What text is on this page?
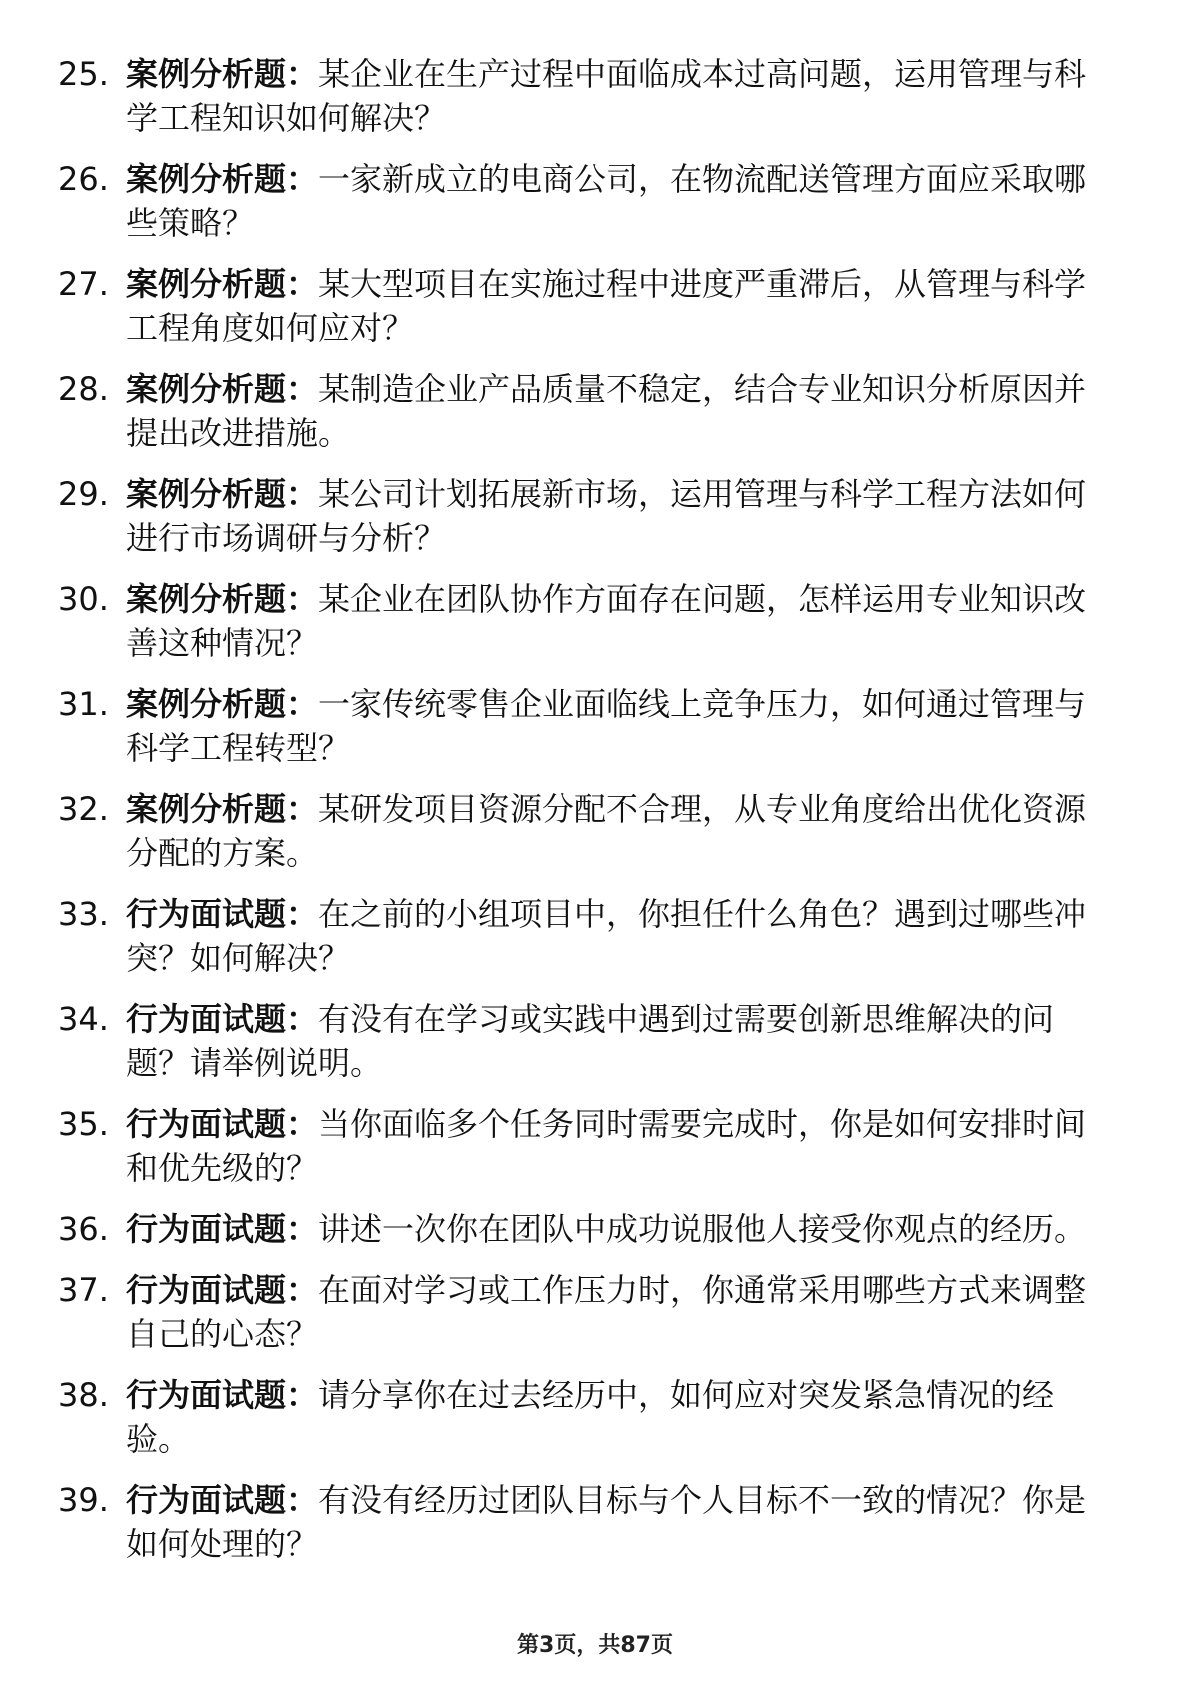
25. 案例分析题：某企业在生产过程中面临成本过高问题，运用管理与科学工程知识如何解决？
26. 案例分析题：一家新成立的电商公司，在物流配送管理方面应采取哪些策略？
27. 案例分析题：某大型项目在实施过程中进度严重滞后，从管理与科学工程角度如何应对？
28. 案例分析题：某制造企业产品质量不稳定，结合专业知识分析原因并提出改进措施。
29. 案例分析题：某公司计划拓展新市场，运用管理与科学工程方法如何进行市场调研与分析？
30. 案例分析题：某企业在团队协作方面存在问题，怎样运用专业知识改善这种情况？
31. 案例分析题：一家传统零售企业面临线上竞争压力，如何通过管理与科学工程转型？
32. 案例分析题：某研发项目资源分配不合理，从专业角度给出优化资源分配的方案。
33. 行为面试题：在之前的小组项目中，你担任什么角色？遇到过哪些冲突？如何解决？
34. 行为面试题：有没有在学习或实践中遇到过需要创新思维解决的问题？请举例说明。
35. 行为面试题：当你面临多个任务同时需要完成时，你是如何安排时间和优先级的？
36. 行为面试题：讲述一次你在团队中成功说服他人接受你观点的经历。
37. 行为面试题：在面对学习或工作压力时，你通常采用哪些方式来调整自己的心态？
38. 行为面试题：请分享你在过去经历中，如何应对突发紧急情况的经验。
39. 行为面试题：有没有经历过团队目标与个人目标不一致的情况？你是如何处理的？
第3页，共87页
